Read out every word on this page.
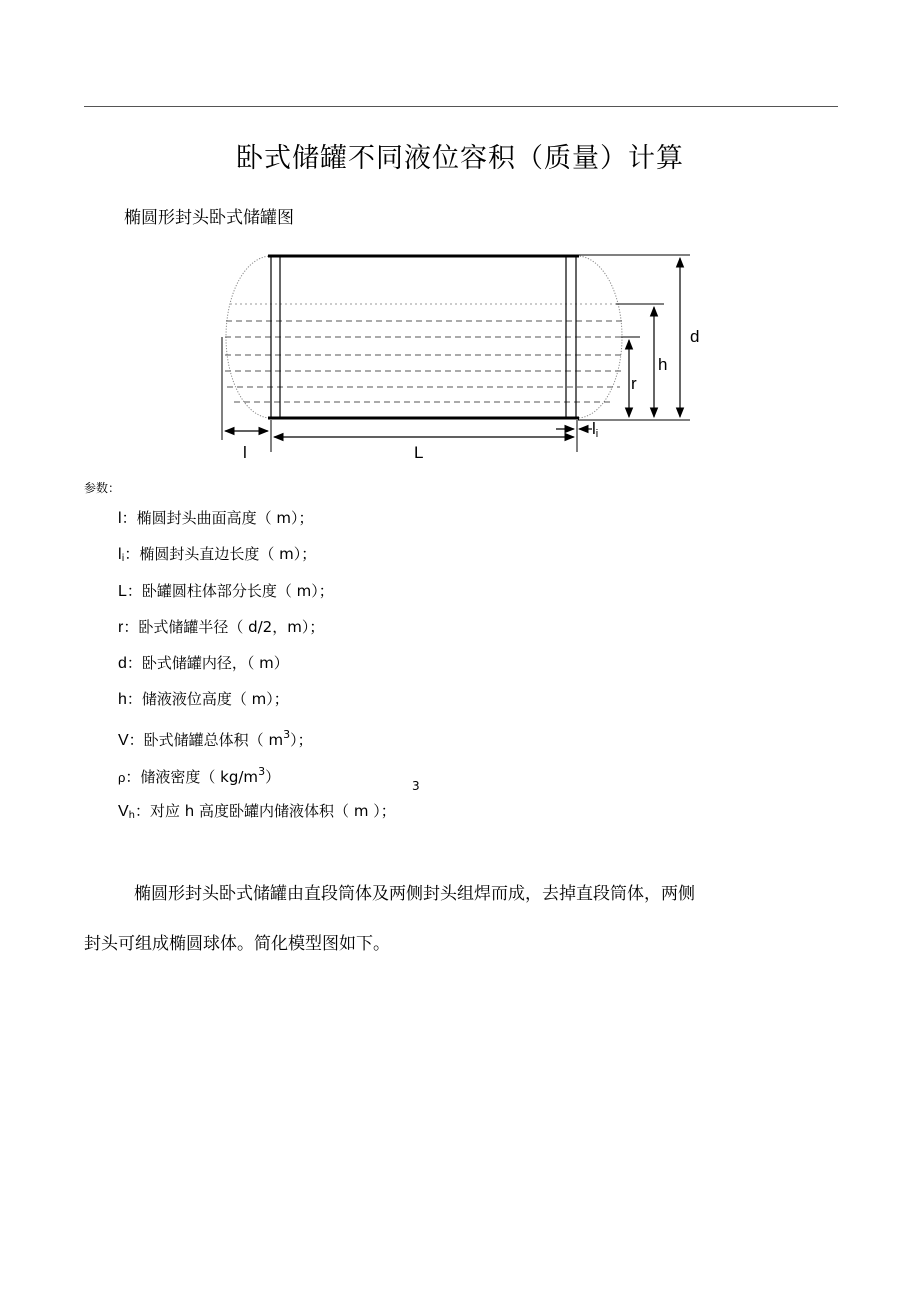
卧式储罐不同液位容积（质量）计算
椭圆形封头卧式储罐图
d
h
r
l	L
li
参数：
l：椭圆封头曲面高度（ m）；
$l_i$：椭圆封头直边长度（ m）；
L：卧罐圆柱体部分长度（ m）；
r：卧式储罐半径（ d/2，m）；
d：卧式储罐内径，（ m）
h：储液液位高度（ m）；
V：卧式储罐总体积（ $m^3$）；
ρ：储液密度（ $kg/m^3$）	3
$V_h$：对应 h 高度卧罐内储液体积（ m ）；
椭圆形封头卧式储罐由直段筒体及两侧封头组焊而成，去掉直段筒体，两侧
封头可组成椭圆球体。简化模型图如下。
